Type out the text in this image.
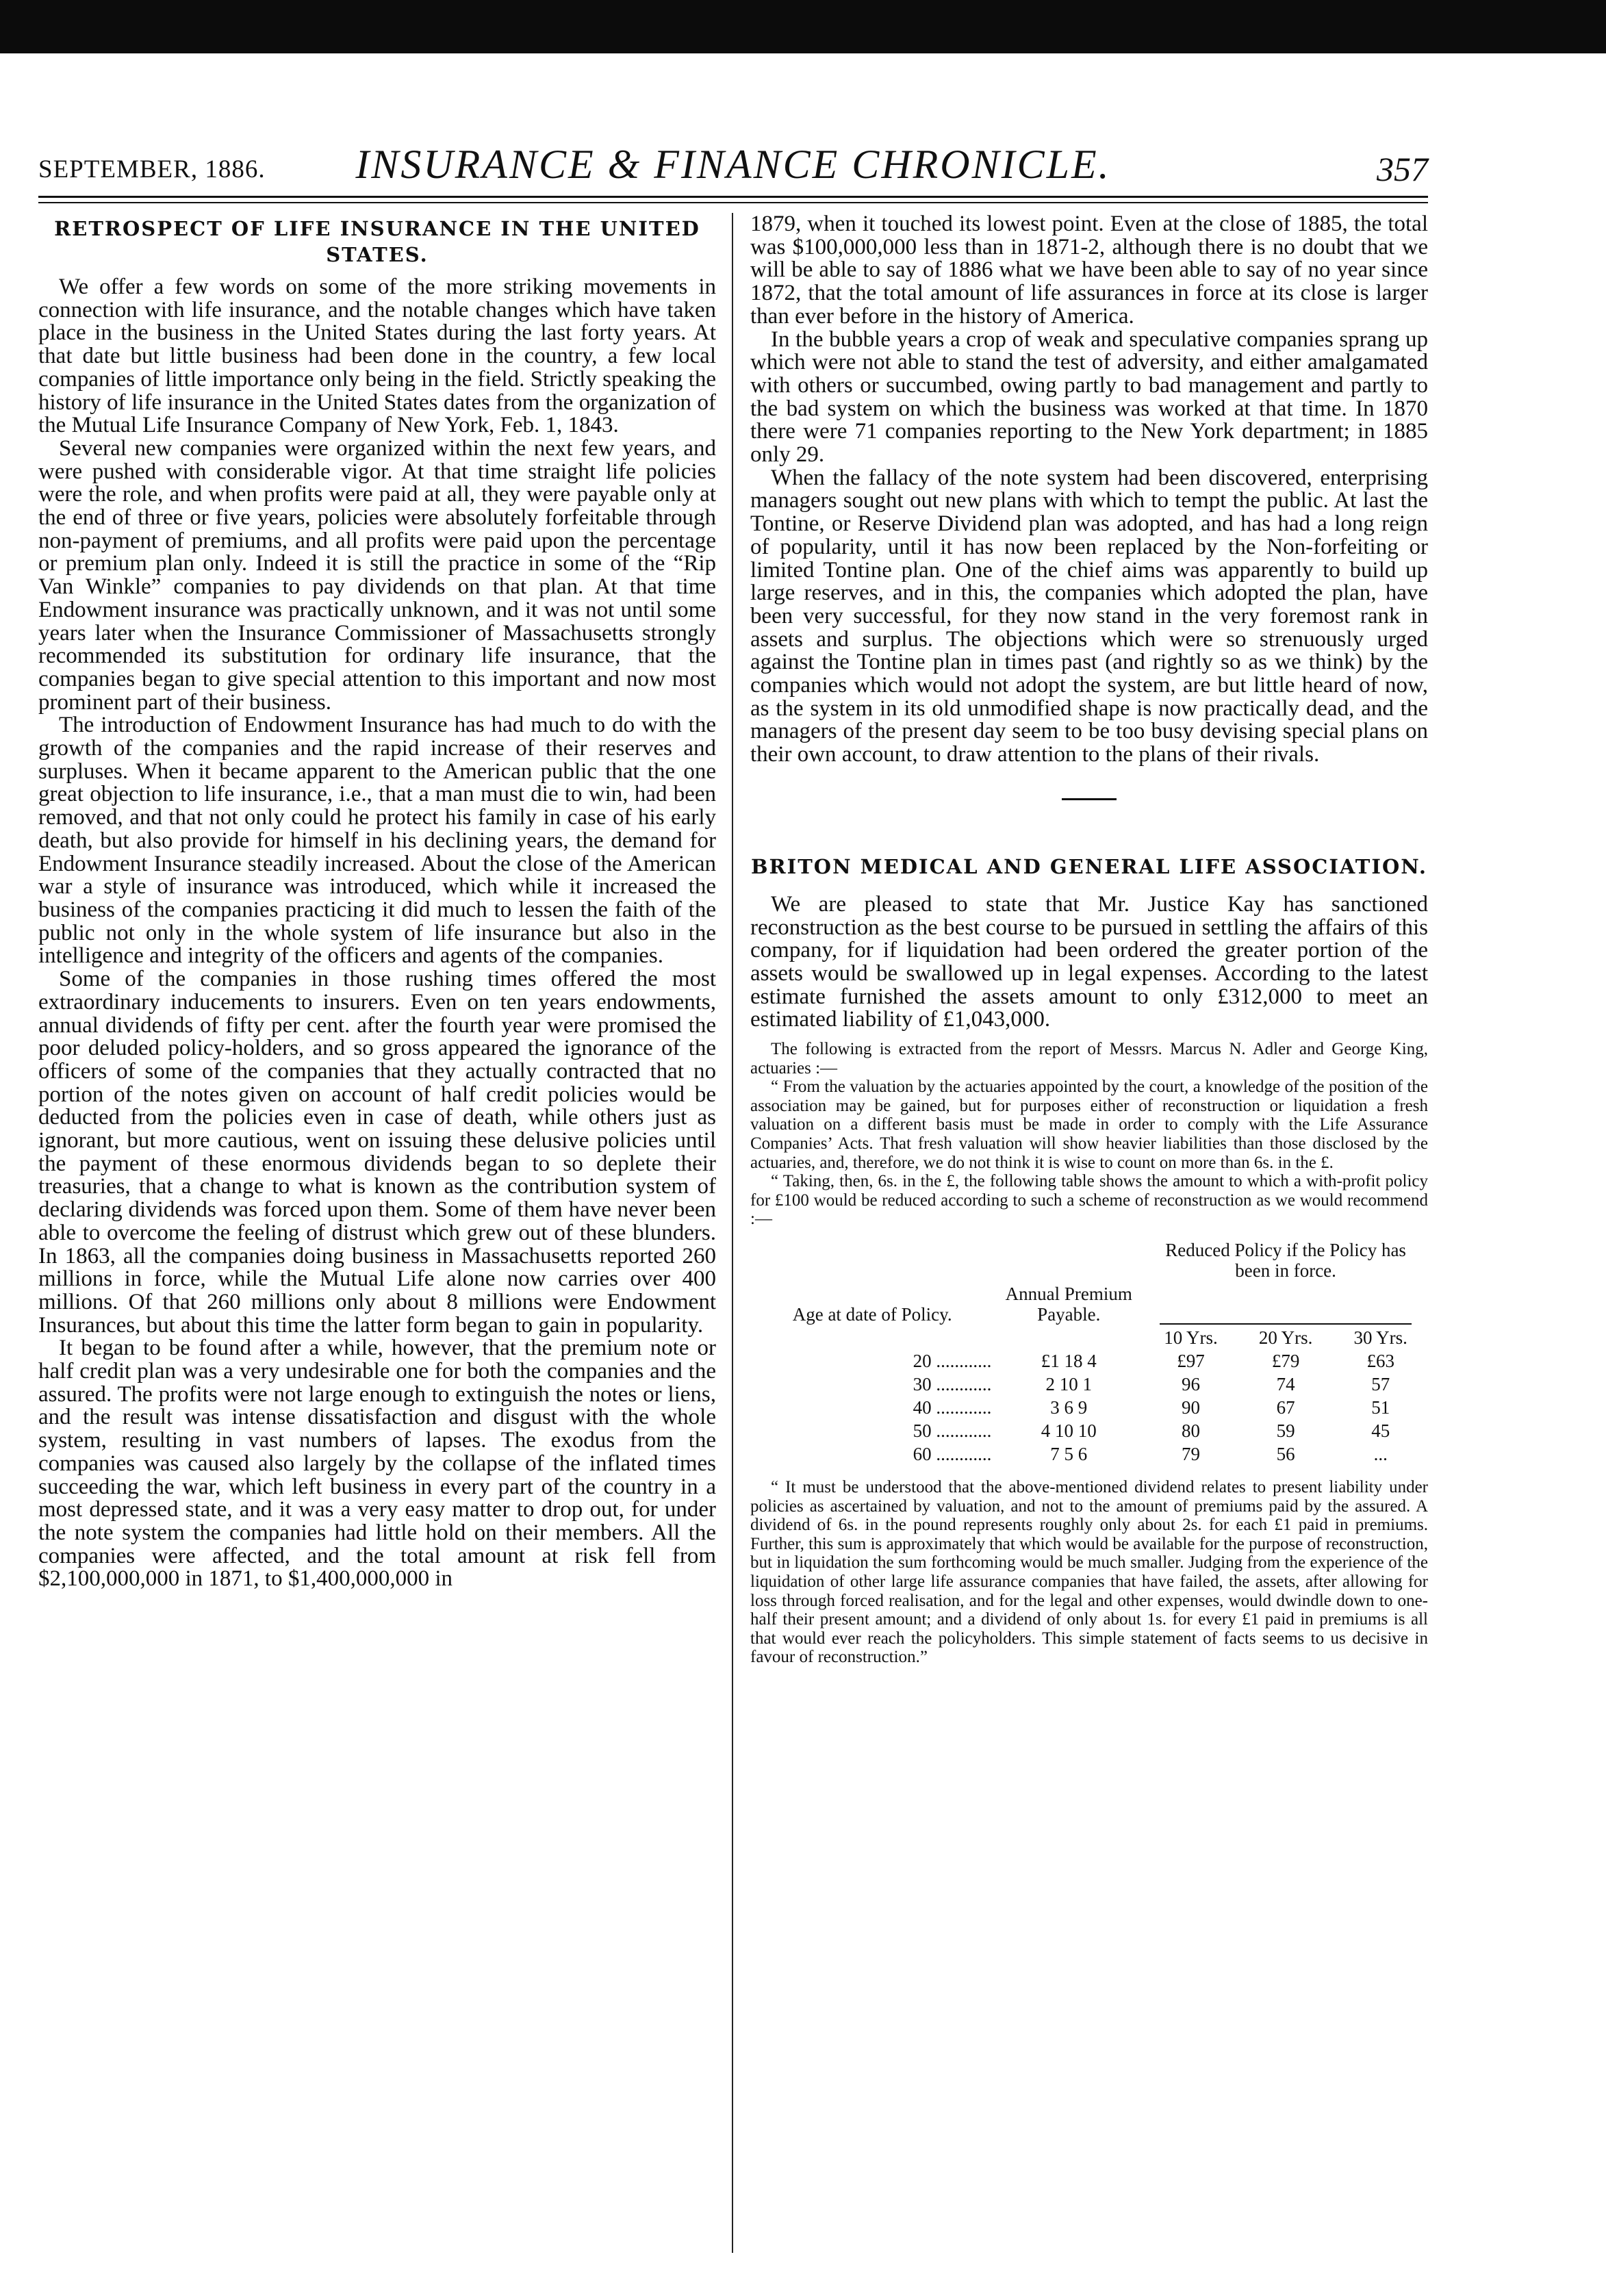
SEPTEMBER, 1886.	INSURANCE & FINANCE CHRONICLE.	357
RETROSPECT OF LIFE INSURANCE IN THE UNITED STATES.

We offer a few words on some of the more striking movements in connection with life insurance, and the notable changes which have taken place in the business in the United States during the last forty years. At that date but little business had been done in the country, a few local companies of little importance only being in the field. Strictly speaking the history of life insurance in the United States dates from the organization of the Mutual Life Insurance Company of New York, Feb. 1, 1843.

Several new companies were organized within the next few years, and were pushed with considerable vigor. At that time straight life policies were the role, and when profits were paid at all, they were payable only at the end of three or five years, policies were absolutely forfeitable through non-payment of premiums, and all profits were paid upon the percentage or premium plan only. Indeed it is still the practice in some of the “Rip Van Winkle” companies to pay dividends on that plan. At that time Endowment insurance was practically unknown, and it was not until some years later when the Insurance Commissioner of Massachusetts strongly recommended its substitution for ordinary life insurance, that the companies began to give special attention to this important and now most prominent part of their business.

The introduction of Endowment Insurance has had much to do with the growth of the companies and the rapid increase of their reserves and surpluses. When it became apparent to the American public that the one great objection to life insurance, i.e., that a man must die to win, had been removed, and that not only could he protect his family in case of his early death, but also provide for himself in his declining years, the demand for Endowment Insurance steadily increased. About the close of the American war a style of insurance was introduced, which while it increased the business of the companies practicing it did much to lessen the faith of the public not only in the whole system of life insurance but also in the intelligence and integrity of the officers and agents of the companies.

Some of the companies in those rushing times offered the most extraordinary inducements to insurers. Even on ten years endowments, annual dividends of fifty per cent. after the fourth year were promised the poor deluded policy-holders, and so gross appeared the ignorance of the officers of some of the companies that they actually contracted that no portion of the notes given on account of half credit policies would be deducted from the policies even in case of death, while others just as ignorant, but more cautious, went on issuing these delusive policies until the payment of these enormous dividends began to so deplete their treasuries, that a change to what is known as the contribution system of declaring dividends was forced upon them. Some of them have never been able to overcome the feeling of distrust which grew out of these blunders. In 1863, all the companies doing business in Massachusetts reported 260 millions in force, while the Mutual Life alone now carries over 400 millions. Of that 260 millions only about 8 millions were Endowment Insurances, but about this time the latter form began to gain in popularity.

It began to be found after a while, however, that the premium note or half credit plan was a very undesirable one for both the companies and the assured. The profits were not large enough to extinguish the notes or liens, and the result was intense dissatisfaction and disgust with the whole system, resulting in vast numbers of lapses. The exodus from the companies was caused also largely by the collapse of the inflated times succeeding the war, which left business in every part of the country in a most depressed state, and it was a very easy matter to drop out, for under the note system the companies had little hold on their members. All the companies were affected, and the total amount at risk fell from $2,100,000,000 in 1871, to $1,400,000,000 in

1879, when it touched its lowest point. Even at the close of 1885, the total was $100,000,000 less than in 1871-2, although there is no doubt that we will be able to say of 1886 what we have been able to say of no year since 1872, that the total amount of life assurances in force at its close is larger than ever before in the history of America.

In the bubble years a crop of weak and speculative companies sprang up which were not able to stand the test of adversity, and either amalgamated with others or succumbed, owing partly to bad management and partly to the bad system on which the business was worked at that time. In 1870 there were 71 companies reporting to the New York department; in 1885 only 29.

When the fallacy of the note system had been discovered, enterprising managers sought out new plans with which to tempt the public. At last the Tontine, or Reserve Dividend plan was adopted, and has had a long reign of popularity, until it has now been replaced by the Non-forfeiting or limited Tontine plan. One of the chief aims was apparently to build up large reserves, and in this, the companies which adopted the plan, have been very successful, for they now stand in the very foremost rank in assets and surplus. The objections which were so strenuously urged against the Tontine plan in times past (and rightly so as we think) by the companies which would not adopt the system, are but little heard of now, as the system in its old unmodified shape is now practically dead, and the managers of the present day seem to be too busy devising special plans on their own account, to draw attention to the plans of their rivals.

BRITON MEDICAL AND GENERAL LIFE ASSOCIATION.

We are pleased to state that Mr. Justice Kay has sanctioned reconstruction as the best course to be pursued in settling the affairs of this company, for if liquidation had been ordered the greater portion of the assets would be swallowed up in legal expenses. According to the latest estimate furnished the assets amount to only £312,000 to meet an estimated liability of £1,043,000.

The following is extracted from the report of Messrs. Marcus N. Adler and George King, actuaries :—

“ From the valuation by the actuaries appointed by the court, a knowledge of the position of the association may be gained, but for purposes either of reconstruction or liquidation a fresh valuation on a different basis must be made in order to comply with the Life Assurance Companies’ Acts. That fresh valuation will show heavier liabilities than those disclosed by the actuaries, and, therefore, we do not think it is wise to count on more than 6s. in the £.

“ Taking, then, 6s. in the £, the following table shows the amount to which a with-profit policy for £100 would be reduced according to such a scheme of reconstruction as we would recommend :—

		Reduced Policy if the Policy has been in force.		
Age at date of Policy.	Annual Premium Payable.			

		10 Yrs.	20 Yrs.	30 Yrs.
20 ............	£1 18 4	£97	£79	£63
30 ............	2 10 1	96	74	57
40 ............	3 6 9	90	67	51
50 ............	4 10 10	80	59	45
60 ............	7 5 6	79	56	...

“ It must be understood that the above-mentioned dividend relates to present liability under policies as ascertained by valuation, and not to the amount of premiums paid by the assured. A dividend of 6s. in the pound represents roughly only about 2s. for each £1 paid in premiums. Further, this sum is approximately that which would be available for the purpose of reconstruction, but in liquidation the sum forthcoming would be much smaller. Judging from the experience of the liquidation of other large life assurance companies that have failed, the assets, after allowing for loss through forced realisation, and for the legal and other expenses, would dwindle down to one-half their present amount; and a dividend of only about 1s. for every £1 paid in premiums is all that would ever reach the policyholders. This simple statement of facts seems to us decisive in favour of reconstruction.”
